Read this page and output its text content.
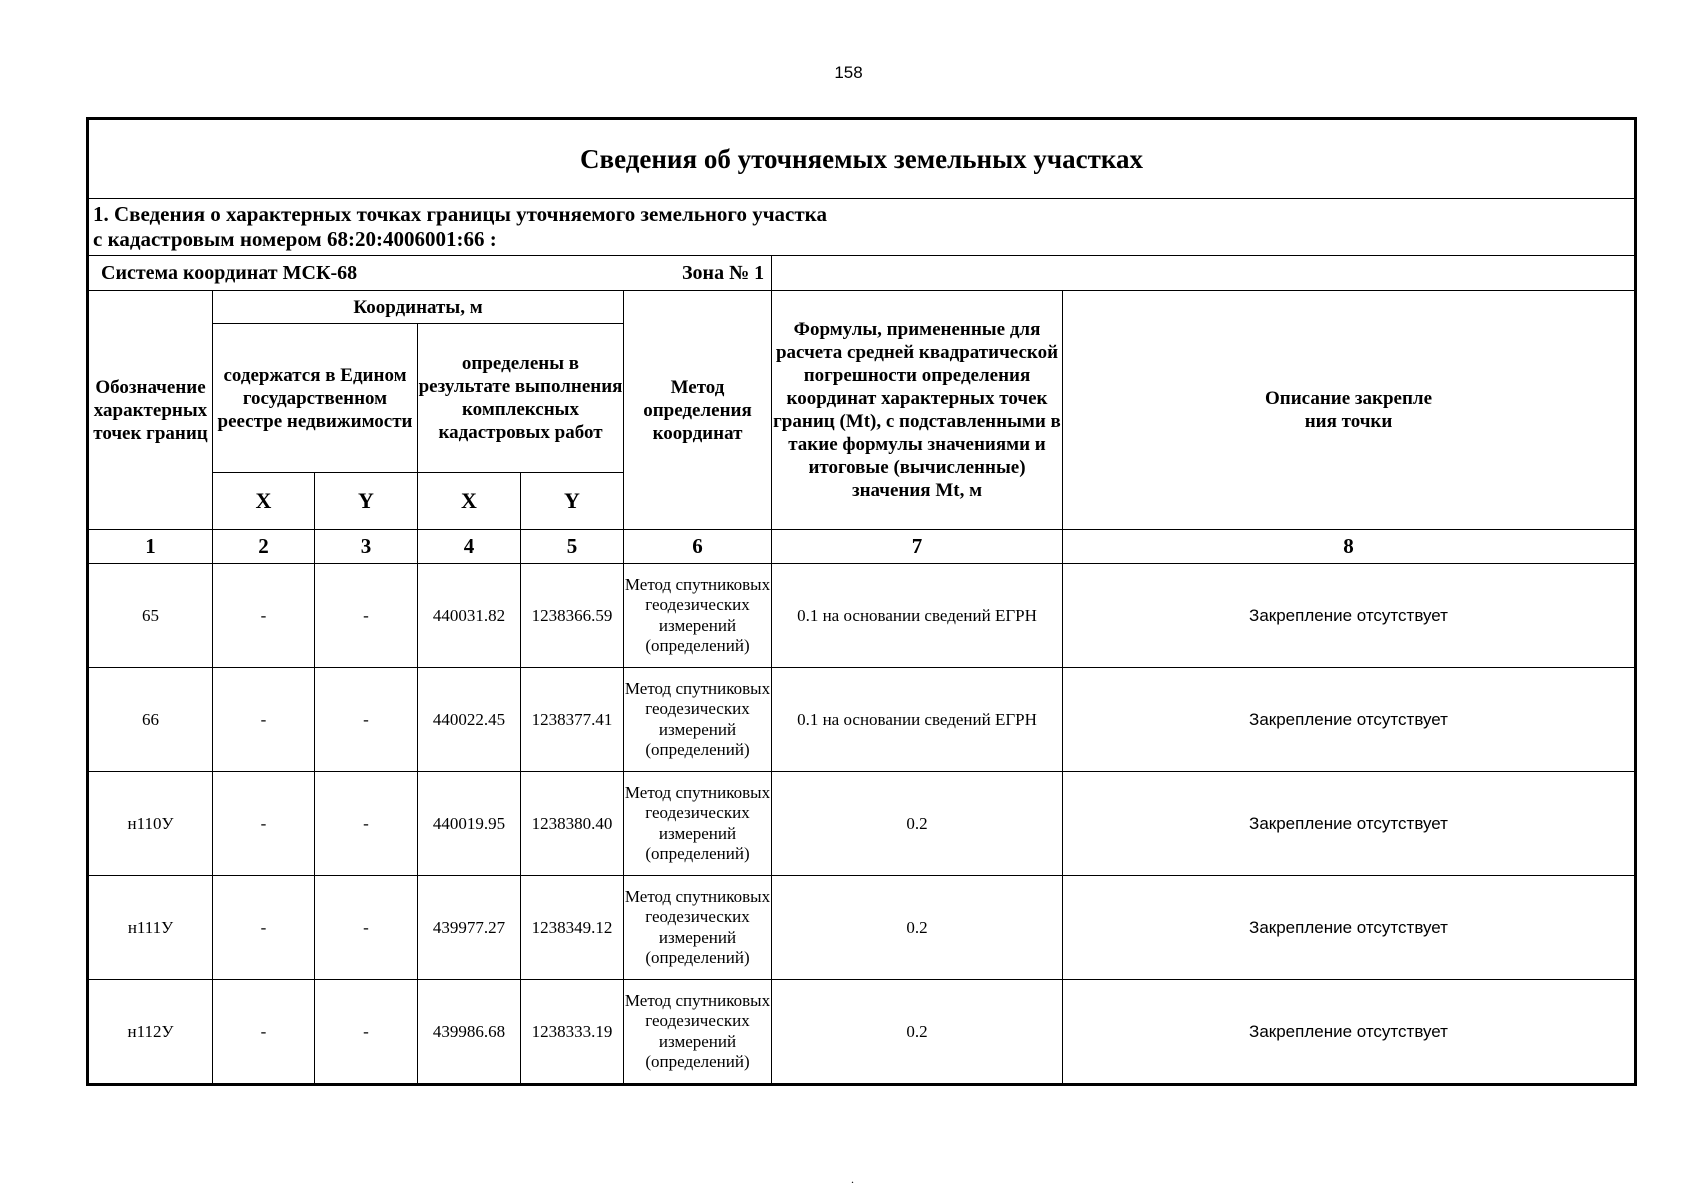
158
Сведения об уточняемых земельных участках							

1. Сведения о характерных точках границы уточняемого земельного участка
с кадастровым номером 68:20:4006001:66 :							

Система координат МСК-68						Зона № 1	
Обозначение характерных точек границ	Координаты, м				Метод определения координат	Формулы, примененные для расчета средней квадратической погрешности определения координат характерных точек границ (Mt), с подставленными в такие формулы значениями и итоговые (вычисленные) значения Mt, м	Описание закрепле
ния точки

	содержатся в Едином государственном реестре недвижимости		определены в результате выполнения комплексных кадастровых работ				
	X	Y	X	Y			
1	2	3	4	5	6	7	8
65	-	-	440031.82	1238366.59	Метод спутниковых геодезических измерений (определений)	0.1 на основании сведений ЕГРН	Закрепление отсутствует
66	-	-	440022.45	1238377.41	Метод спутниковых геодезических измерений (определений)	0.1 на основании сведений ЕГРН	Закрепление отсутствует
н110У	-	-	440019.95	1238380.40	Метод спутниковых геодезических измерений (определений)	0.2	Закрепление отсутствует
н111У	-	-	439977.27	1238349.12	Метод спутниковых геодезических измерений (определений)	0.2	Закрепление отсутствует
н112У	-	-	439986.68	1238333.19	Метод спутниковых геодезических измерений (определений)	0.2	Закрепление отсутствует
.
